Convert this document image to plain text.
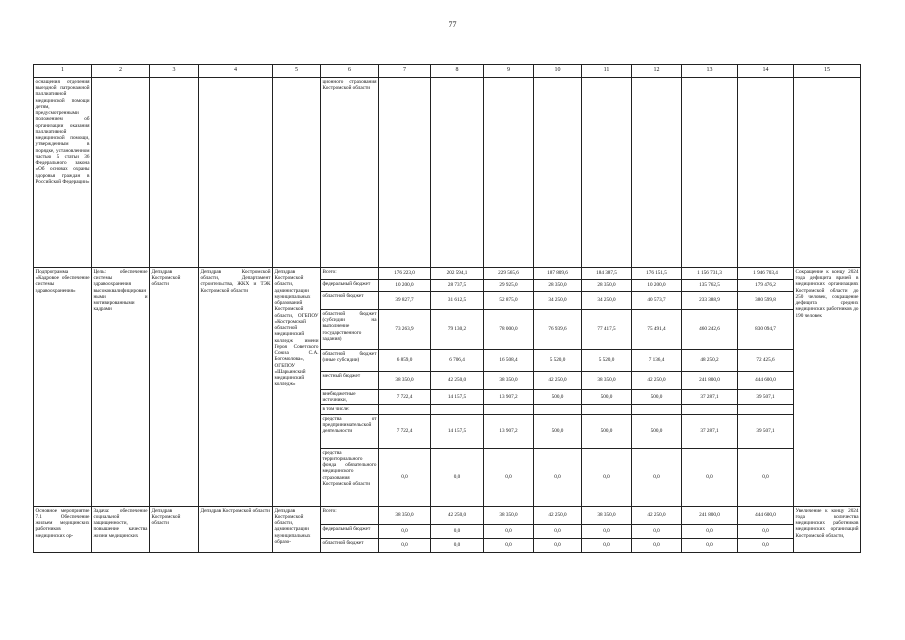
77
1	2	3	4	5	6	7	8	9	10	11	12	13	14	15
оснащения отделения выездной патронажной паллиативной медицинской помощи детям, предусмотренными положением об организации оказания паллиативной медицинской помощи, утвержденным в порядке, установленном частью 5 статьи 36 Федерального закона «Об основах охраны здоровья граждан в Российской Федерации»					ционного страхования Костромской области									
Подпрограмма «Кадровое обеспечение системы здравоохранения»	Цель: обеспечение системы здравоохранения высококвалифицированными и мотивированными кадрами	Депздрав Костромской области	Депздрав Костромской области, Департамент строительства, ЖКХ и ТЭК Костромской области	Депздрав Костромской области, администрации муниципальных образований Костромской области, ОГБПОУ «Костромской областной медицинский колледж имени Героя Советского Союза С.А. Богомолова», ОГБПОУ «Шарьинский медицинский колледж»	Всего:	176 223,0	202 594,1	229 565,6	187 809,6	184 387,5	176 151,5	1 156 731,3	1 946 703,4	Сокращение к концу 2024 года дефицита врачей в медицинских организациях Костромской области до 250 человек, сокращение дефицита средних медицинских работников до 190 человек
					федеральный бюджет	10 200,0	28 737,5	29 925,0	28 350,0	28 350,0	10 200,0	135 762,5	179 476,2	
					областной бюджет	39 827,7	31 612,5	52 875,0	34 250,0	34 250,0	40 573,7	233 388,9	380 599,8	
					областной бюджет (субсидии на выполнение государственного задания)	73 263,9	79 130,2	78 000,0	76 939,6	77 417,5	75 491,4	460 242,6	830 094,7	
					областной бюджет (иные субсидии)	6 859,0	6 706,4	16 508,4	5 520,0	5 520,0	7 136,4	48 250,2	72 425,6	
					местный бюджет	38 350,0	42 250,0	38 350,0	42 250,0	38 350,0	42 250,0	241 800,0	444 600,0	
					внебюджетные источники,	7 722,4	14 157,5	13 907,2	500,0	500,0	500,0	37 287,1	39 507,1	
					в том числе:									
					средства от предпринимательской деятельности	7 722,4	14 157,5	13 907,2	500,0	500,0	500,0	37 287,1	39 507,1	
					средства территориального фонда обязательного медицинского страхования Костромской области	0,0	0,0	0,0	0,0	0,0	0,0	0,0	0,0	
Основное мероприятие 7.1 Обеспечение жильем медицинских работников медицинских ор-	Задача: обеспечение социальной защищенности, повышение качества жизни медицинских	Депздрав Костромской области	Депздрав Костромской области	Депздрав Костромской области, администрации муниципальных образо-	Всего:	38 350,0	42 250,0	38 350,0	42 250,0	38 350,0	42 250,0	241 800,0	444 600,0	Увеличение к концу 2024 года количества медицинских работников медицинских организаций Костромской области,
					федеральный бюджет	0,0	0,0	0,0	0,0	0,0	0,0	0,0	0,0	
					областной бюджет	0,0	0,0	0,0	0,0	0,0	0,0	0,0	0,0	
